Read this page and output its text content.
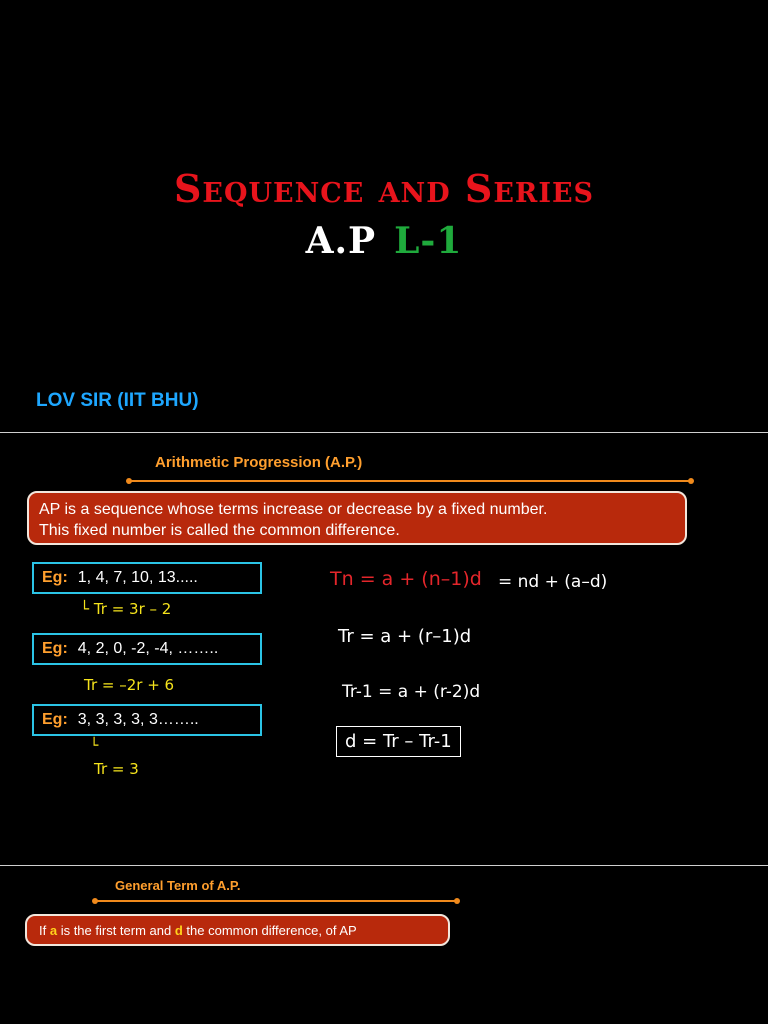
Sequence and Series
A.P L-1
LOV SIR (IIT BHU)
Arithmetic Progression (A.P.)
AP is a sequence whose terms increase or decrease by a fixed number.
This fixed number is called the common difference.
Eg: 1, 4, 7, 10, 13.....
└ Tr = 3r – 2
Eg: 4, 2, 0, -2, -4, ……..
Tr = –2r + 6
Eg: 3, 3, 3, 3, 3……..
└
Tr = 3
Tn = a + (n–1)d = nd + (a–d)
Tr = a + (r–1)d
Tr-1 = a + (r-2)d
d = Tr – Tr-1
General Term of A.P.
If a is the first term and d the common difference, of AP
